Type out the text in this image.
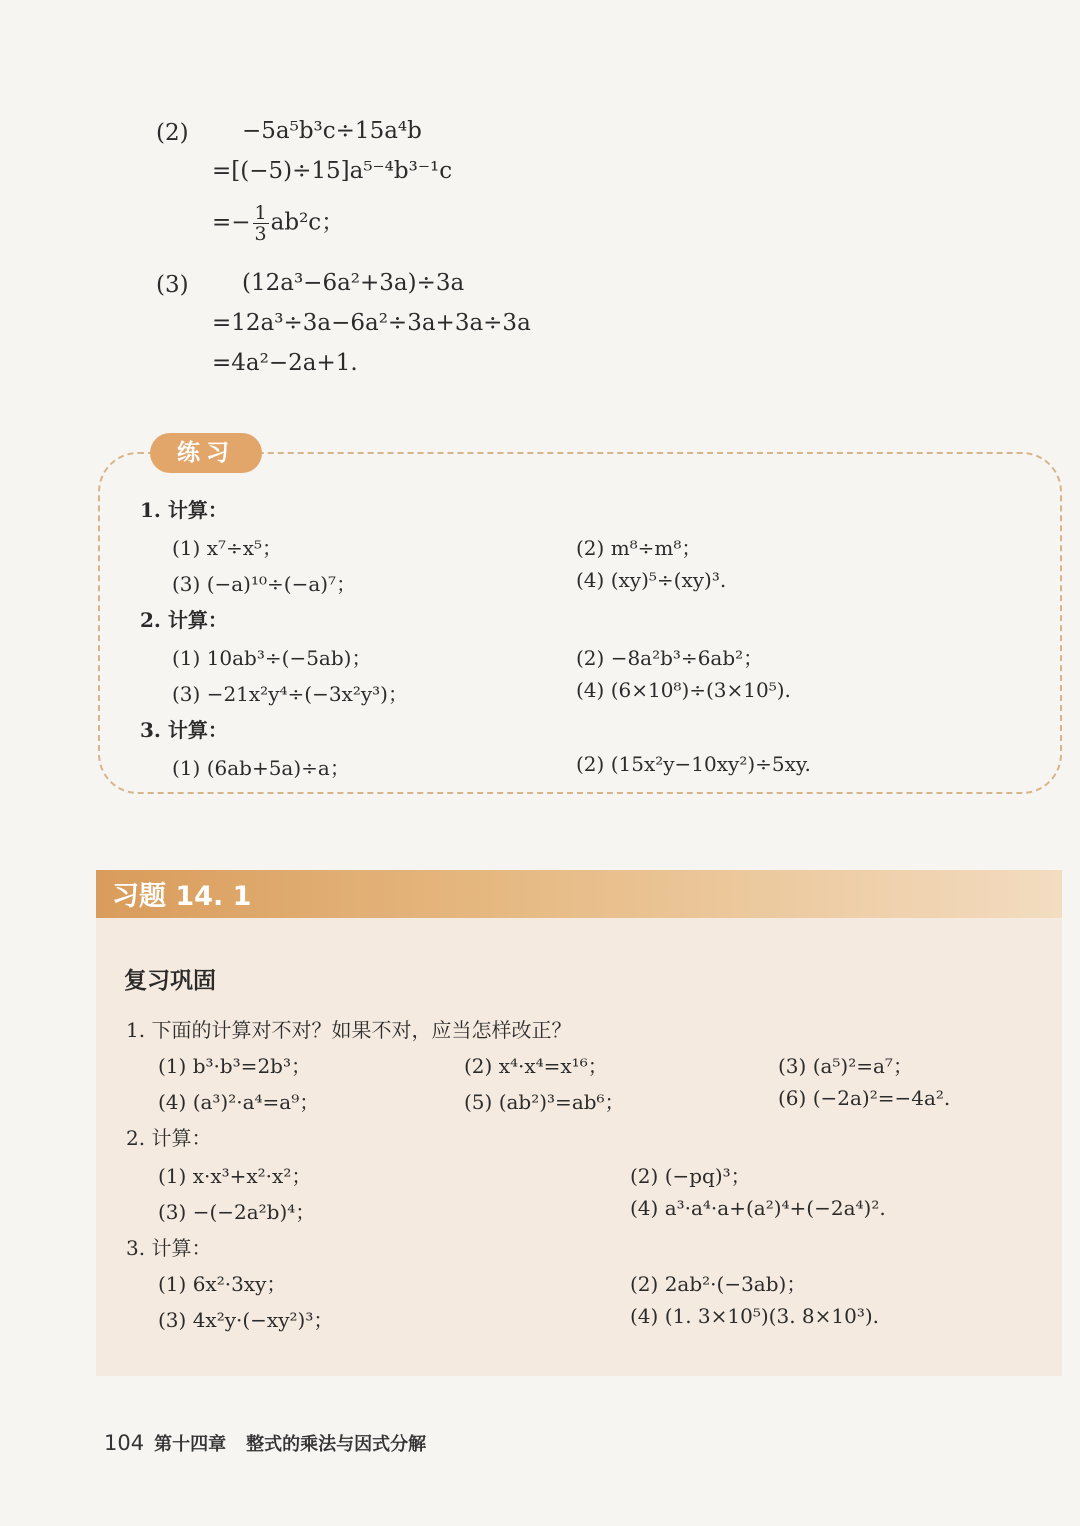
(2) −5a⁵b³c÷15a⁴b
=[(−5)÷15]a⁵⁻⁴b³⁻¹c
=− $\frac{1}{3} ab^2c$；
(3) (12a³−6a²+3a)÷3a
=12a³÷3a−6a²÷3a+3a÷3a
=4a²−2a+1.
练习
1. 计算：
(1) x⁷÷x⁵；	(2) m⁸÷m⁸；
(3) (−a)¹⁰÷(−a)⁷；	(4) (xy)⁵÷(xy)³.
2. 计算：
(1) 10ab³÷(−5ab)；	(2) −8a²b³÷6ab²；
(3) −21x²y⁴÷(−3x²y³)；	(4) (6×10⁸)÷(3×10⁵).
3. 计算：
(1) (6ab+5a)÷a；	(2) (15x²y−10xy²)÷5xy.
习题 14. 1
复习巩固
1. 下面的计算对不对？如果不对，应当怎样改正？
(1) b³·b³=2b³；	(2) x⁴·x⁴=x¹⁶；	(3) (a⁵)²=a⁷；
(4) (a³)²·a⁴=a⁹；	(5) (ab²)³=ab⁶；	(6) (−2a)²=−4a².
2. 计算：
(1) x·x³+x²·x²；	(2) (−pq)³；
(3) −(−2a²b)⁴；	(4) a³·a⁴·a+(a²)⁴+(−2a⁴)².
3. 计算：
(1) 6x²·3xy；	(2) 2ab²·(−3ab)；
(3) 4x²y·(−xy²)³；	(4) (1. 3×10⁵)(3. 8×10³).
104 第十四章 整式的乘法与因式分解
